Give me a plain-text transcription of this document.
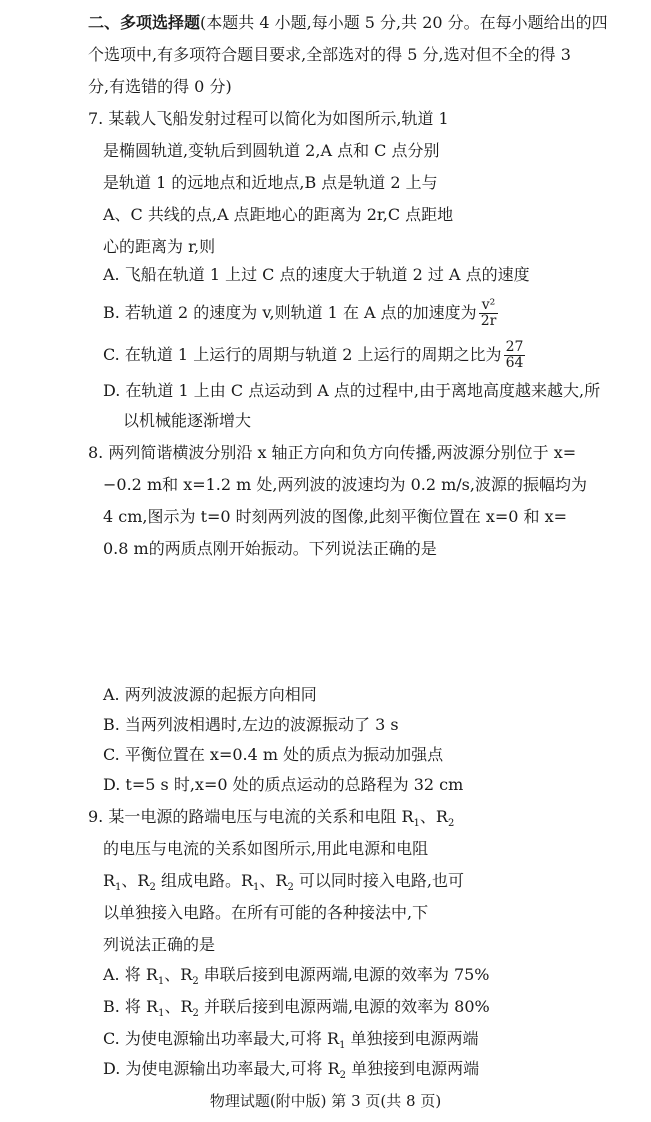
二、多项选择题(本题共 4 小题,每小题 5 分,共 20 分。在每小题给出的四
个选项中,有多项符合题目要求,全部选对的得 5 分,选对但不全的得 3
分,有选错的得 0 分)
7. 某载人飞船发射过程可以简化为如图所示,轨道 1
是椭圆轨道,变轨后到圆轨道 2,A 点和 C 点分别
是轨道 1 的远地点和近地点,B 点是轨道 2 上与
A、C 共线的点,A 点距地心的距离为 2r,C 点距地
心的距离为 r,则
A. 飞船在轨道 1 上过 C 点的速度大于轨道 2 过 A 点的速度
B. 若轨道 2 的速度为 v,则轨道 1 在 A 点的加速度为 $\frac{\text{v²}}{2r}$
C. 在轨道 1 上运行的周期与轨道 2 上运行的周期之比为 $\frac{27}{64}$
D. 在轨道 1 上由 C 点运动到 A 点的过程中,由于离地高度越来越大,所
以机械能逐渐增大
8. 两列简谐横波分别沿 x 轴正方向和负方向传播,两波源分别位于 x=
−0.2 m和 x=1.2 m 处,两列波的波速均为 0.2 m/s,波源的振幅均为
4 cm,图示为 t=0 时刻两列波的图像,此刻平衡位置在 x=0 和 x=
0.8 m的两质点刚开始振动。下列说法正确的是
A. 两列波波源的起振方向相同
B. 当两列波相遇时,左边的波源振动了 3 s
C. 平衡位置在 x=0.4 m 处的质点为振动加强点
D. t=5 s 时,x=0 处的质点运动的总路程为 32 cm
9. 某一电源的路端电压与电流的关系和电阻 $R_1$、$R_2$
的电压与电流的关系如图所示,用此电源和电阻
$R_1$、$R_2$ 组成电路。$R_1$、$R_2$ 可以同时接入电路,也可
以单独接入电路。在所有可能的各种接法中,下
列说法正确的是
A. 将 $R_1$、$R_2$ 串联后接到电源两端,电源的效率为 75%
B. 将 $R_1$、$R_2$ 并联后接到电源两端,电源的效率为 80%
C. 为使电源输出功率最大,可将 $R_1$ 单独接到电源两端
D. 为使电源输出功率最大,可将 $R_2$ 单独接到电源两端
物理试题(附中版) 第 3 页(共 8 页)
